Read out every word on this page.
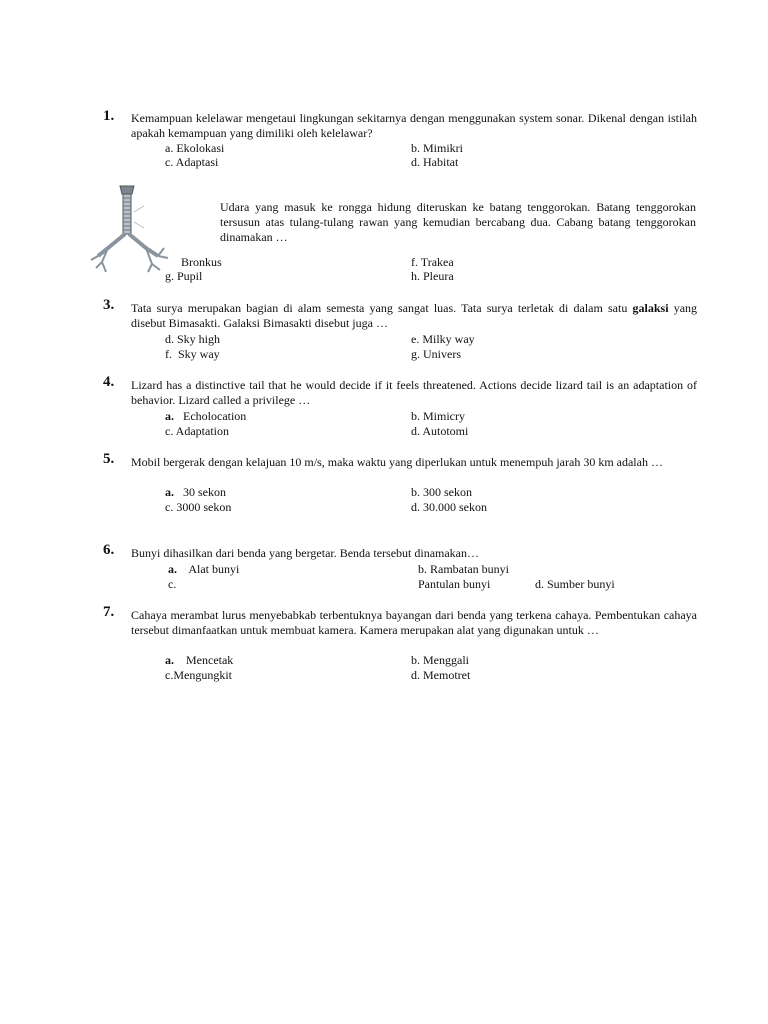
1. Kemampuan kelelawar mengetaui lingkungan sekitarnya dengan menggunakan system sonar. Dikenal dengan istilah apakah kemampuan yang dimiliki oleh kelelawar?
a. Ekolokasi	b. Mimikri
c. Adaptasi	d. Habitat
Udara yang masuk ke rongga hidung diteruskan ke batang tenggorokan. Batang tenggorokan tersusun atas tulang-tulang rawan yang kemudian bercabang dua. Cabang batang tenggorokan dinamakan …
Bronkus	f. Trakea
g. Pupil	h. Pleura
3. Tata surya merupakan bagian di alam semesta yang sangat luas. Tata surya terletak di dalam satu galaksi yang disebut Bimasakti. Galaksi Bimasakti disebut juga …
d. Sky high	e. Milky way
f. Sky way	g. Univers
4. Lizard has a distinctive tail that he would decide if it feels threatened. Actions decide lizard tail is an adaptation of behavior. Lizard called a privilege …
a. Echolocation	b. Mimicry
c. Adaptation	d. Autotomi
5. Mobil bergerak dengan kelajuan 10 m/s, maka waktu yang diperlukan untuk menempuh jarah 30 km adalah …
a. 30 sekon	b. 300 sekon
c. 3000 sekon	d. 30.000 sekon
6. Bunyi dihasilkan dari benda yang bergetar. Benda tersebut dinamakan…
a. Alat bunyi	b. Rambatan bunyi
c.	Pantulan bunyi	d. Sumber bunyi
7. Cahaya merambat lurus menyebabkab terbentuknya bayangan dari benda yang terkena cahaya. Pembentukan cahaya tersebut dimanfaatkan untuk membuat kamera. Kamera merupakan alat yang digunakan untuk …
a. Mencetak	b. Menggali
c.Mengungkit	d. Memotret
